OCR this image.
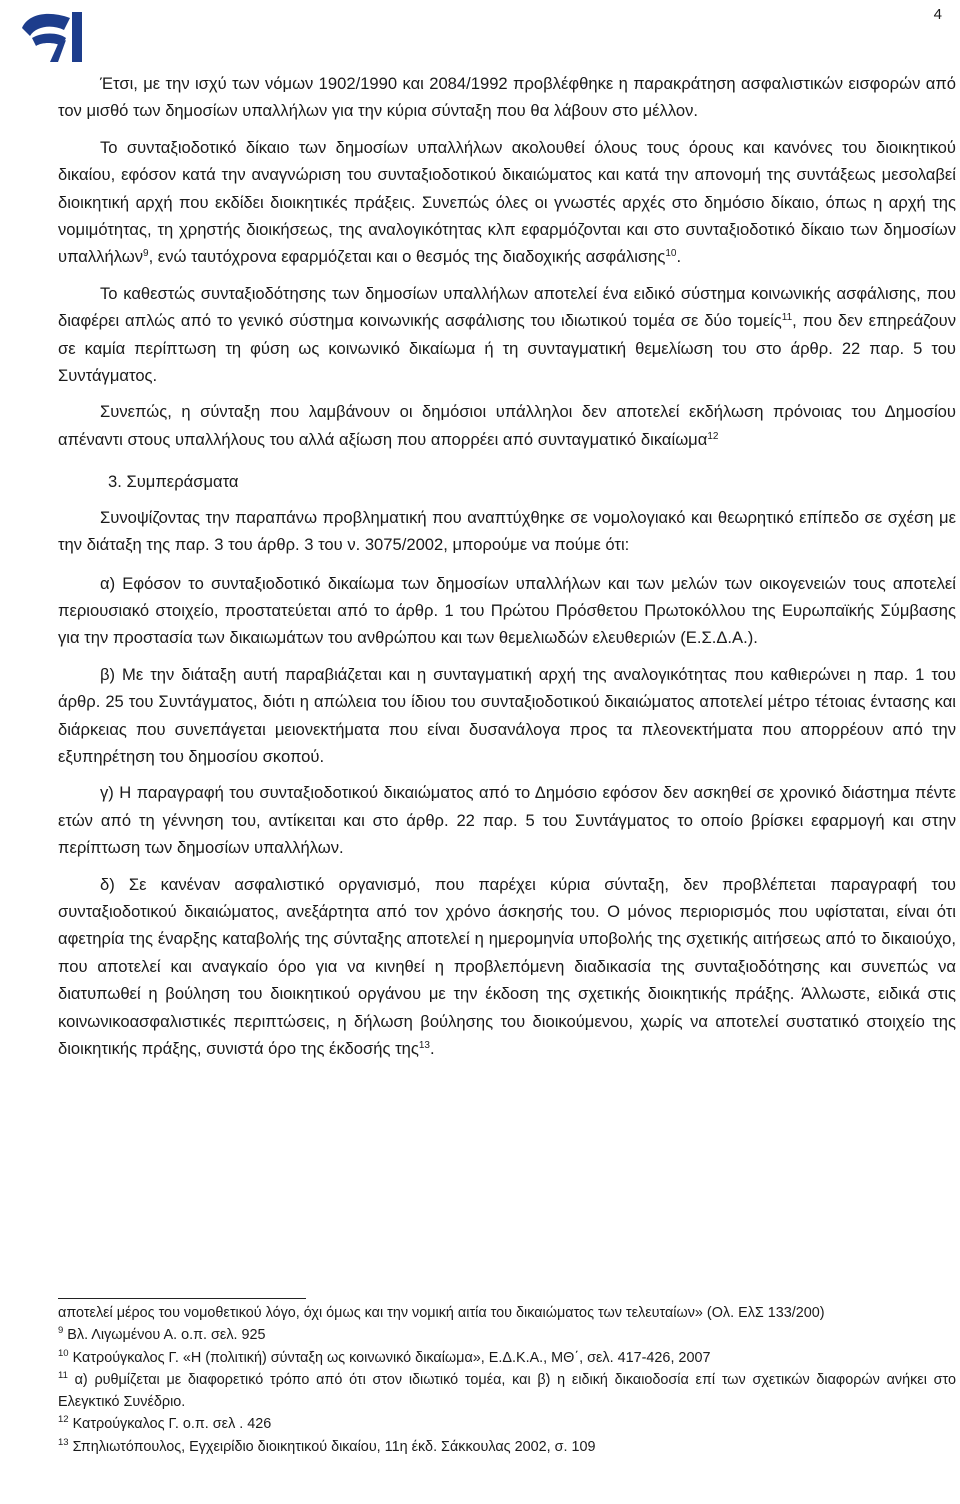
4

Έτσι, με την ισχύ των νόμων 1902/1990 και 2084/1992 προβλέφθηκε η παρακράτηση ασφαλιστικών εισφορών από τον μισθό των δημοσίων υπαλλήλων για την κύρια σύνταξη που θα λάβουν στο μέλλον.

Το συνταξιοδοτικό δίκαιο των δημοσίων υπαλλήλων ακολουθεί όλους τους όρους και κανόνες του διοικητικού δικαίου, εφόσον κατά την αναγνώριση του συνταξιοδοτικού δικαιώματος και κατά την απονομή της συντάξεως μεσολαβεί διοικητική αρχή που εκδίδει διοικητικές πράξεις. Συνεπώς όλες οι γνωστές αρχές στο δημόσιο δίκαιο, όπως η αρχή της νομιμότητας, τη χρηστής διοικήσεως, της αναλογικότητας κλπ εφαρμόζονται και στο συνταξιοδοτικό δίκαιο των δημοσίων υπαλλήλων$^9$, ενώ ταυτόχρονα εφαρμόζεται και ο θεσμός της διαδοχικής ασφάλισης$^{10}$.

Το καθεστώς συνταξιοδότησης των δημοσίων υπαλλήλων αποτελεί ένα ειδικό σύστημα κοινωνικής ασφάλισης, που διαφέρει απλώς από το γενικό σύστημα κοινωνικής ασφάλισης του ιδιωτικού τομέα σε δύο τομείς$^{11}$, που δεν επηρεάζουν σε καμία περίπτωση τη φύση ως κοινωνικό δικαίωμα ή τη συνταγματική θεμελίωση του στο άρθρ. 22 παρ. 5 του Συντάγματος.

Συνεπώς, η σύνταξη που λαμβάνουν οι δημόσιοι υπάλληλοι δεν αποτελεί εκδήλωση πρόνοιας του Δημοσίου απέναντι στους υπαλλήλους του αλλά αξίωση που απορρέει από συνταγματικό δικαίωμα$^{12}$

3. Συμπεράσματα

Συνοψίζοντας την παραπάνω προβληματική που αναπτύχθηκε σε νομολογιακό και θεωρητικό επίπεδο σε σχέση με την διάταξη της παρ. 3 του άρθρ. 3 του ν. 3075/2002, μπορούμε να πούμε ότι:

α) Εφόσον το συνταξιοδοτικό δικαίωμα των δημοσίων υπαλλήλων και των μελών των οικογενειών τους αποτελεί περιουσιακό στοιχείο, προστατεύεται από το άρθρ. 1 του Πρώτου Πρόσθετου Πρωτοκόλλου της Ευρωπαϊκής Σύμβασης για την προστασία των δικαιωμάτων του ανθρώπου και των θεμελιωδών ελευθεριών (Ε.Σ.Δ.Α.).

β) Με την διάταξη αυτή παραβιάζεται και η συνταγματική αρχή της αναλογικότητας που καθιερώνει η παρ. 1 του άρθρ. 25 του Συντάγματος, διότι η απώλεια του ίδιου του συνταξιοδοτικού δικαιώματος αποτελεί μέτρο τέτοιας έντασης και διάρκειας που συνεπάγεται μειονεκτήματα που είναι δυσανάλογα προς τα πλεονεκτήματα που απορρέουν από την εξυπηρέτηση του δημοσίου σκοπού.

γ) Η παραγραφή του συνταξιοδοτικού δικαιώματος από το Δημόσιο εφόσον δεν ασκηθεί σε χρονικό διάστημα πέντε ετών από τη γέννηση του, αντίκειται και στο άρθρ. 22 παρ. 5 του Συντάγματος το οποίο βρίσκει εφαρμογή και στην περίπτωση των δημοσίων υπαλλήλων.

δ) Σε κανέναν ασφαλιστικό οργανισμό, που παρέχει κύρια σύνταξη, δεν προβλέπεται παραγραφή του συνταξιοδοτικού δικαιώματος, ανεξάρτητα από τον χρόνο άσκησής του. Ο μόνος περιορισμός που υφίσταται, είναι ότι αφετηρία της έναρξης καταβολής της σύνταξης αποτελεί η ημερομηνία υποβολής της σχετικής αιτήσεως από το δικαιούχο, που αποτελεί και αναγκαίο όρο για να κινηθεί η προβλεπόμενη διαδικασία της συνταξιοδότησης και συνεπώς να διατυπωθεί η βούληση του διοικητικού οργάνου με την έκδοση της σχετικής διοικητικής πράξης. Άλλωστε, ειδικά στις κοινωνικοασφαλιστικές περιπτώσεις, η δήλωση βούλησης του διοικούμενου, χωρίς να αποτελεί συστατικό στοιχείο της διοικητικής πράξης, συνιστά όρο της έκδοσής της$^{13}$.

αποτελεί μέρος του νομοθετικού λόγο, όχι όμως και την νομική αιτία του δικαιώματος των τελευταίων» (Ολ. ΕλΣ 133/200)

$^9$ Βλ. Λιγωμένου Α. ο.π. σελ. 925

$^{10}$ Κατρούγκαλος Γ. «Η (πολιτική) σύνταξη ως κοινωνικό δικαίωμα», Ε.Δ.Κ.Α., ΜΘ΄, σελ. 417-426, 2007

$^{11}$ α) ρυθμίζεται με διαφορετικό τρόπο από ότι στον ιδιωτικό τομέα, και β) η ειδική δικαιοδοσία επί των σχετικών διαφορών ανήκει στο Ελεγκτικό Συνέδριο.

$^{12}$ Κατρούγκαλος Γ. ο.π. σελ . 426

$^{13}$ Σπηλιωτόπουλος, Εγχειρίδιο διοικητικού δικαίου, 11η έκδ. Σάκκουλας 2002, σ. 109
